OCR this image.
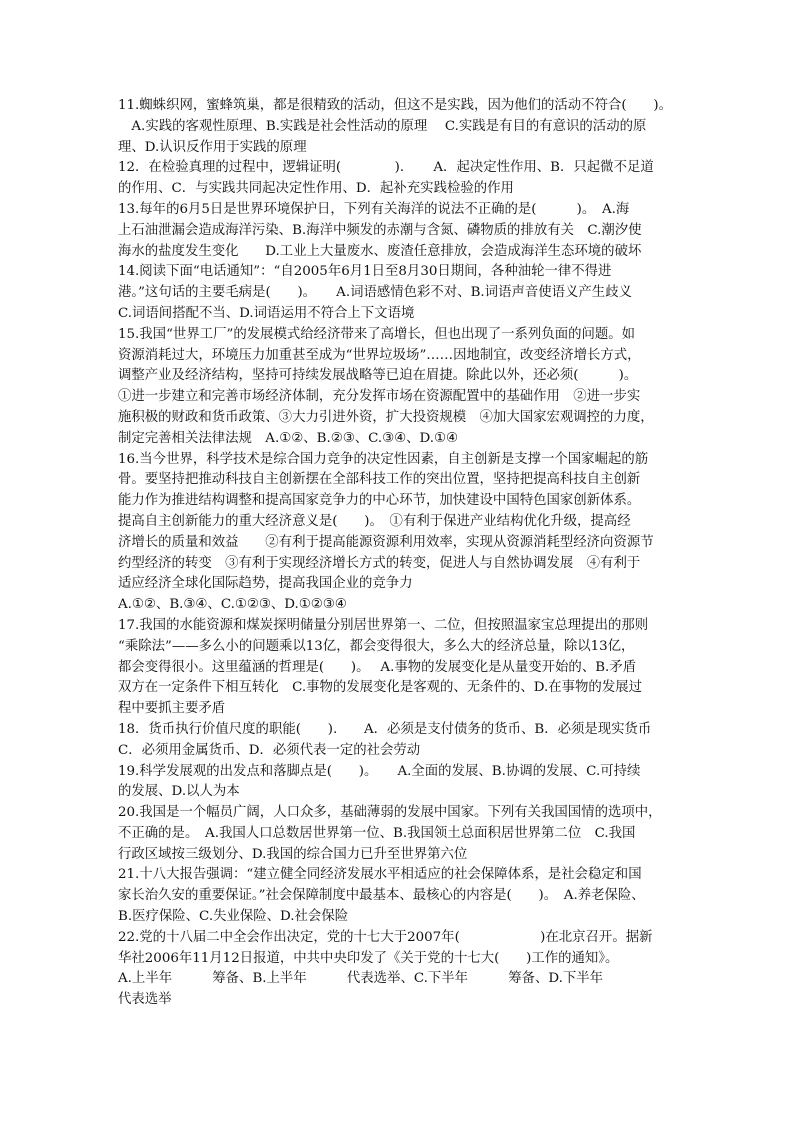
11.蜘蛛织网，蜜蜂筑巢，都是很精致的活动，但这不是实践，因为他们的活动不符合(　　)。
　A.实践的客观性原理、B.实践是社会性活动的原理　 C.实践是有目的有意识的活动的原
理、D.认识反作用于实践的原理
12．在检验真理的过程中，逻辑证明(　　　　)．　　A．起决定性作用、B．只起微不足道
的作用、C．与实践共同起决定性作用、D．起补充实践检验的作用
13.每年的6月5日是世界环境保护日，下列有关海洋的说法不正确的是(　　　)。　A.海
上石油泄漏会造成海洋污染、B.海洋中频发的赤潮与含氮、磷物质的排放有关　C.潮汐使
海水的盐度发生变化　　D.工业上大量废水、废渣任意排放，会造成海洋生态环境的破坏
14.阅读下面“电话通知”：“自2005年6月1日至8月30日期间，各种油轮一律不得进
港。”这句话的主要毛病是(　　)。　　A.词语感情色彩不对、B.词语声音使语义产生歧义
C.词语间搭配不当、D.词语运用不符合上下文语境
15.我国“世界工厂”的发展模式给经济带来了高增长，但也出现了一系列负面的问题。如
资源消耗过大，环境压力加重甚至成为“世界垃圾场”……因地制宜，改变经济增长方式，
调整产业及经济结构，坚持可持续发展战略等已迫在眉捷。除此以外，还必须(　　　)。
①进一步建立和完善市场经济体制，充分发挥市场在资源配置中的基础作用　②进一步实
施积极的财政和货币政策、③大力引进外资，扩大投资规模　④加大国家宏观调控的力度，
制定完善相关法律法规　A.①②、B.②③、C.③④、D.①④
16.当今世界，科学技术是综合国力竞争的决定性因素，自主创新是支撑一个国家崛起的筋
骨。要坚持把推动科技自主创新摆在全部科技工作的突出位置，坚持把提高科技自主创新
能力作为推进结构调整和提高国家竞争力的中心环节，加快建设中国特色国家创新体系。
提高自主创新能力的重大经济意义是(　　)。　①有利于保进产业结构优化升级，提高经
济增长的质量和效益　　②有利于提高能源资源利用效率，实现从资源消耗型经济向资源节
约型经济的转变　③有利于实现经济增长方式的转变，促进人与自然协调发展　④有利于
适应经济全球化国际趋势，提高我国企业的竞争力
A.①②、B.③④、C.①②③、D.①②③④
17.我国的水能资源和煤炭探明储量分别居世界第一、二位，但按照温家宝总理提出的那则
“乘除法”——多么小的问题乘以13亿，都会变得很大，多么大的经济总量，除以13亿，
都会变得很小。这里蕴涵的哲理是(　　)。　 A.事物的发展变化是从量变开始的、B.矛盾
双方在一定条件下相互转化　C.事物的发展变化是客观的、无条件的、D.在事物的发展过
程中要抓主要矛盾
18．货币执行价值尺度的职能(　　).　　A．必须是支付债务的货币、B．必须是现实货币
C．必须用金属货币、D．必须代表一定的社会劳动
19.科学发展观的出发点和落脚点是(　　)。　　A.全面的发展、B.协调的发展、C.可持续
的发展、D.以人为本
20.我国是一个幅员广阔，人口众多，基础薄弱的发展中国家。下列有关我国国情的选项中，
不正确的是。　A.我国人口总数居世界第一位、B.我国领土总面积居世界第二位　C.我国
行政区域按三级划分、D.我国的综合国力已升至世界第六位
21.十八大报告强调：“建立健全同经济发展水平相适应的社会保障体系，是社会稳定和国
家长治久安的重要保证。”社会保障制度中最基本、最核心的内容是(　　)。　A.养老保险、
B.医疗保险、C.失业保险、D.社会保险
22.党的十八届二中全会作出决定，党的十七大于2007年(　　　　　　)在北京召开。据新
华社2006年11月12日报道，中共中央印发了《关于党的十七大(　　)工作的通知》。
A.上半年　　　筹备、B.上半年　　　代表选举、C.下半年　　　筹备、D.下半年
代表选举
